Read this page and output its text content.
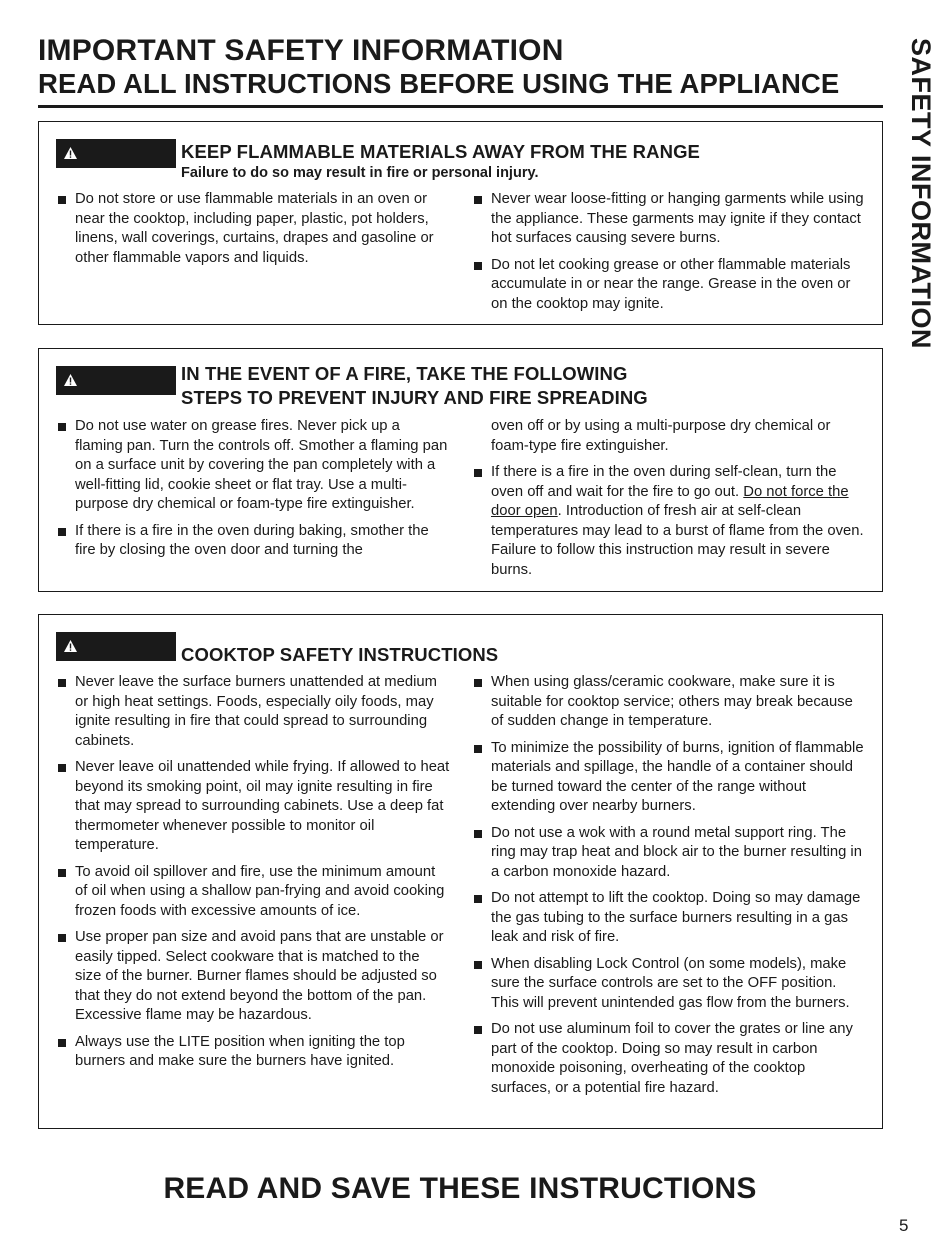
IMPORTANT SAFETY INFORMATION
READ ALL INSTRUCTIONS BEFORE USING THE APPLIANCE	SAFETY INFORMATION
KEEP FLAMMABLE MATERIALS AWAY FROM THE RANGE
Failure to do so may result in fire or personal injury.
Do not store or use flammable materials in an oven or near the cooktop, including paper, plastic, pot holders, linens, wall coverings, curtains, drapes and gasoline or other flammable vapors and liquids.
Never wear loose-fitting or hanging garments while using the appliance. These garments may ignite if they contact hot surfaces causing severe burns.
Do not let cooking grease or other flammable materials accumulate in or near the range. Grease in the oven or on the cooktop may ignite.
IN THE EVENT OF A FIRE, TAKE THE FOLLOWING
STEPS TO PREVENT INJURY AND FIRE SPREADING
Do not use water on grease fires. Never pick up a flaming pan. Turn the controls off. Smother a flaming pan on a surface unit by covering the pan completely with a well-fitting lid, cookie sheet or flat tray. Use a multi-purpose dry chemical or foam-type fire extinguisher.
If there is a fire in the oven during baking, smother the fire by closing the oven door and turning the
oven off or by using a multi-purpose dry chemical or foam-type fire extinguisher.
If there is a fire in the oven during self-clean, turn the oven off and wait for the fire to go out. Do not force the door open. Introduction of fresh air at self-clean temperatures may lead to a burst of flame from the oven. Failure to follow this instruction may result in severe burns.
COOKTOP SAFETY INSTRUCTIONS
Never leave the surface burners unattended at medium or high heat settings. Foods, especially oily foods, may ignite resulting in fire that could spread to surrounding cabinets.
Never leave oil unattended while frying. If allowed to heat beyond its smoking point, oil may ignite resulting in fire that may spread to surrounding cabinets. Use a deep fat thermometer whenever possible to monitor oil temperature.
To avoid oil spillover and fire, use the minimum amount of oil when using a shallow pan-frying and avoid cooking frozen foods with excessive amounts of ice.
Use proper pan size and avoid pans that are unstable or easily tipped. Select cookware that is matched to the size of the burner. Burner flames should be adjusted so that they do not extend beyond the bottom of the pan. Excessive flame may be hazardous.
Always use the LITE position when igniting the top burners and make sure the burners have ignited.
When using glass/ceramic cookware, make sure it is suitable for cooktop service; others may break because of sudden change in temperature.
To minimize the possibility of burns, ignition of flammable materials and spillage, the handle of a container should be turned toward the center of the range without extending over nearby burners.
Do not use a wok with a round metal support ring. The ring may trap heat and block air to the burner resulting in a carbon monoxide hazard.
Do not attempt to lift the cooktop. Doing so may damage the gas tubing to the surface burners resulting in a gas leak and risk of fire.
When disabling Lock Control (on some models), make sure the surface controls are set to the OFF position. This will prevent unintended gas flow from the burners.
Do not use aluminum foil to cover the grates or line any part of the cooktop. Doing so may result in carbon monoxide poisoning, overheating of the cooktop surfaces, or a potential fire hazard.
READ AND SAVE THESE INSTRUCTIONS
5
